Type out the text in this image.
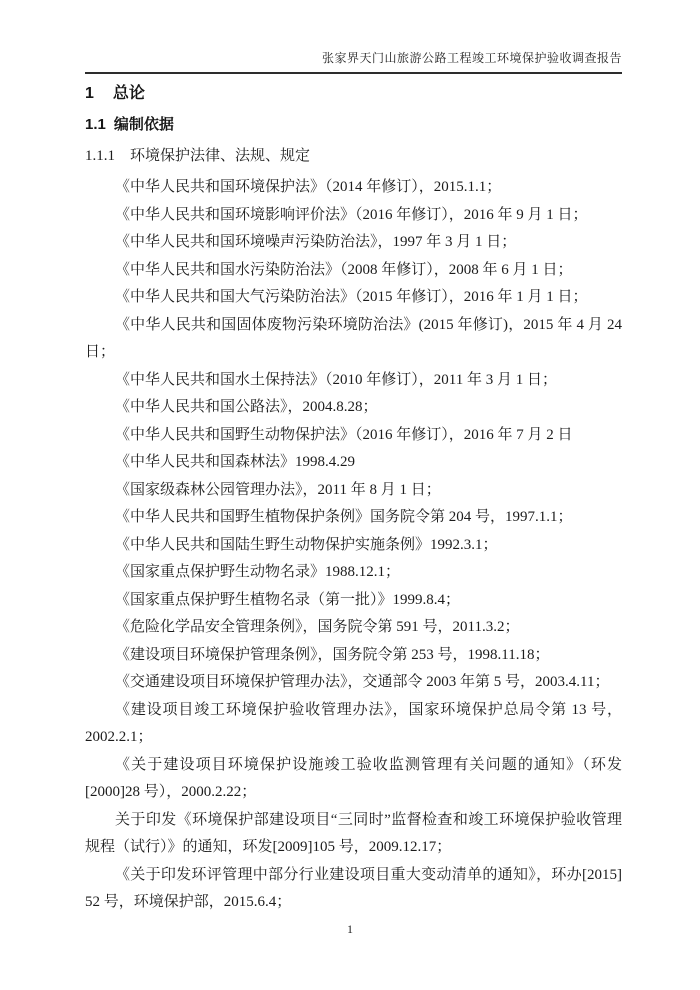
张家界天门山旅游公路工程竣工环境保护验收调查报告
1 总论
1.1 编制依据
1.1.1 环境保护法律、法规、规定

《中华人民共和国环境保护法》（2014 年修订），2015.1.1；

《中华人民共和国环境影响评价法》（2016 年修订），2016 年 9 月 1 日；

《中华人民共和国环境噪声污染防治法》，1997 年 3 月 1 日；

《中华人民共和国水污染防治法》（2008 年修订），2008 年 6 月 1 日；

《中华人民共和国大气污染防治法》（2015 年修订），2016 年 1 月 1 日；

《中华人民共和国固体废物污染环境防治法》(2015 年修订)，2015 年 4 月 24 日；

《中华人民共和国水土保持法》（2010 年修订），2011 年 3 月 1 日；

《中华人民共和国公路法》，2004.8.28；

《中华人民共和国野生动物保护法》（2016 年修订），2016 年 7 月 2 日

《中华人民共和国森林法》1998.4.29

《国家级森林公园管理办法》，2011 年 8 月 1 日；

《中华人民共和国野生植物保护条例》国务院令第 204 号，1997.1.1；

《中华人民共和国陆生野生动物保护实施条例》1992.3.1；

《国家重点保护野生动物名录》1988.12.1；

《国家重点保护野生植物名录（第一批）》1999.8.4；

《危险化学品安全管理条例》，国务院令第 591 号，2011.3.2；

《建设项目环境保护管理条例》，国务院令第 253 号，1998.11.18；

《交通建设项目环境保护管理办法》，交通部令 2003 年第 5 号，2003.4.11；

《建设项目竣工环境保护验收管理办法》，国家环境保护总局令第 13 号，2002.2.1；

《关于建设项目环境保护设施竣工验收监测管理有关问题的通知》（环发[2000]28 号），2000.2.22；

关于印发《环境保护部建设项目“三同时”监督检查和竣工环境保护验收管理规程（试行）》的通知，环发[2009]105 号，2009.12.17；

《关于印发环评管理中部分行业建设项目重大变动清单的通知》，环办[2015] 52 号，环境保护部，2015.6.4；

1
